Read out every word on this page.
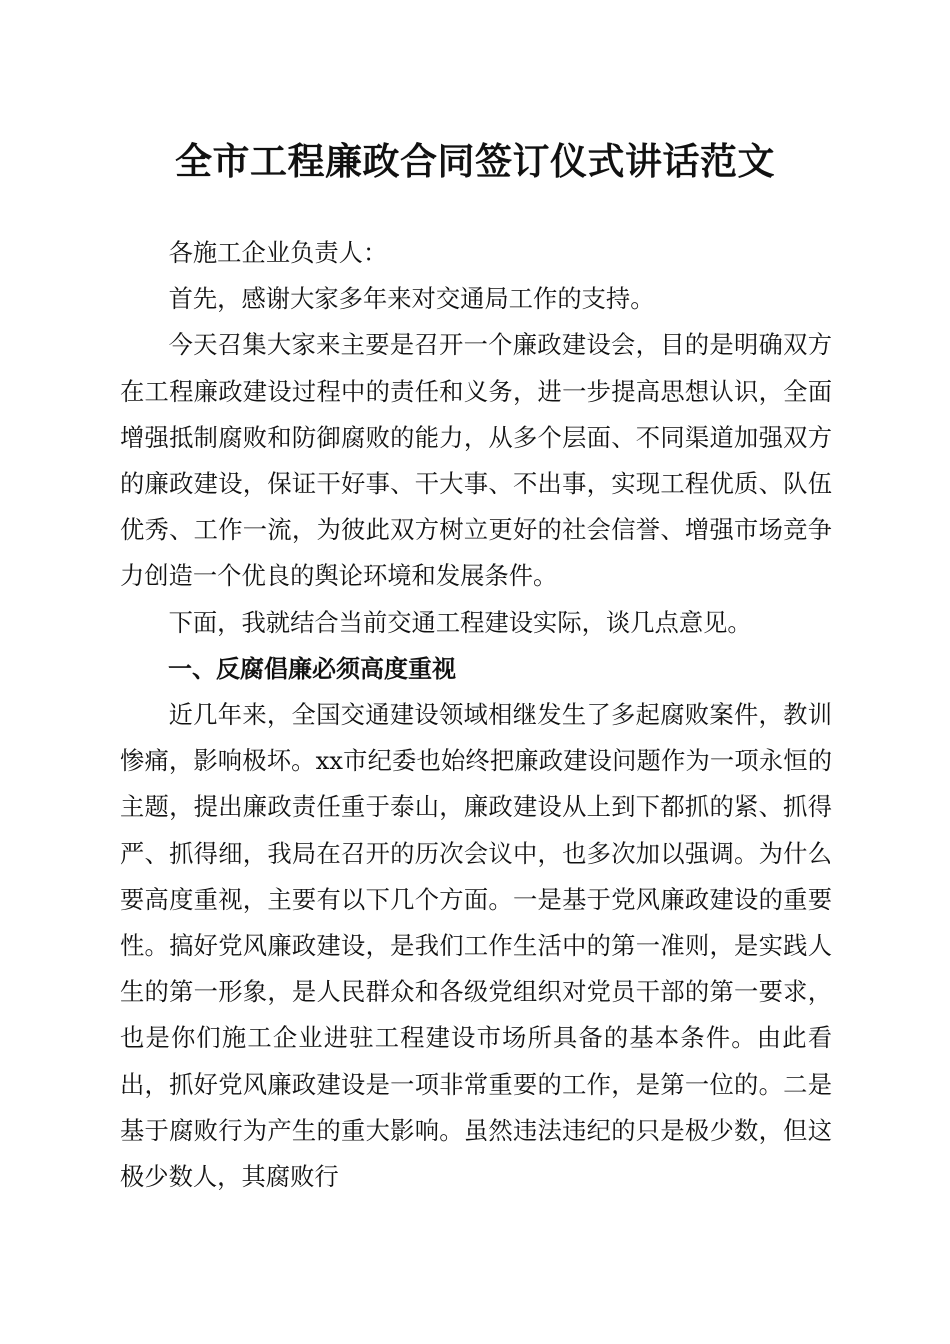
全市工程廉政合同签订仪式讲话范文

各施工企业负责人：

首先，感谢大家多年来对交通局工作的支持。

今天召集大家来主要是召开一个廉政建设会，目的是明确双方在工程廉政建设过程中的责任和义务，进一步提高思想认识，全面增强抵制腐败和防御腐败的能力，从多个层面、不同渠道加强双方的廉政建设，保证干好事、干大事、不出事，实现工程优质、队伍优秀、工作一流，为彼此双方树立更好的社会信誉、增强市场竞争力创造一个优良的舆论环境和发展条件。

下面，我就结合当前交通工程建设实际，谈几点意见。

一、反腐倡廉必须高度重视

近几年来，全国交通建设领域相继发生了多起腐败案件，教训惨痛，影响极坏。xx市纪委也始终把廉政建设问题作为一项永恒的主题，提出廉政责任重于泰山，廉政建设从上到下都抓的紧、抓得严、抓得细，我局在召开的历次会议中，也多次加以强调。为什么要高度重视，主要有以下几个方面。一是基于党风廉政建设的重要性。搞好党风廉政建设，是我们工作生活中的第一准则，是实践人生的第一形象，是人民群众和各级党组织对党员干部的第一要求，也是你们施工企业进驻工程建设市场所具备的基本条件。由此看出，抓好党风廉政建设是一项非常重要的工作，是第一位的。二是基于腐败行为产生的重大影响。虽然违法违纪的只是极少数，但这极少数人，其腐败行
